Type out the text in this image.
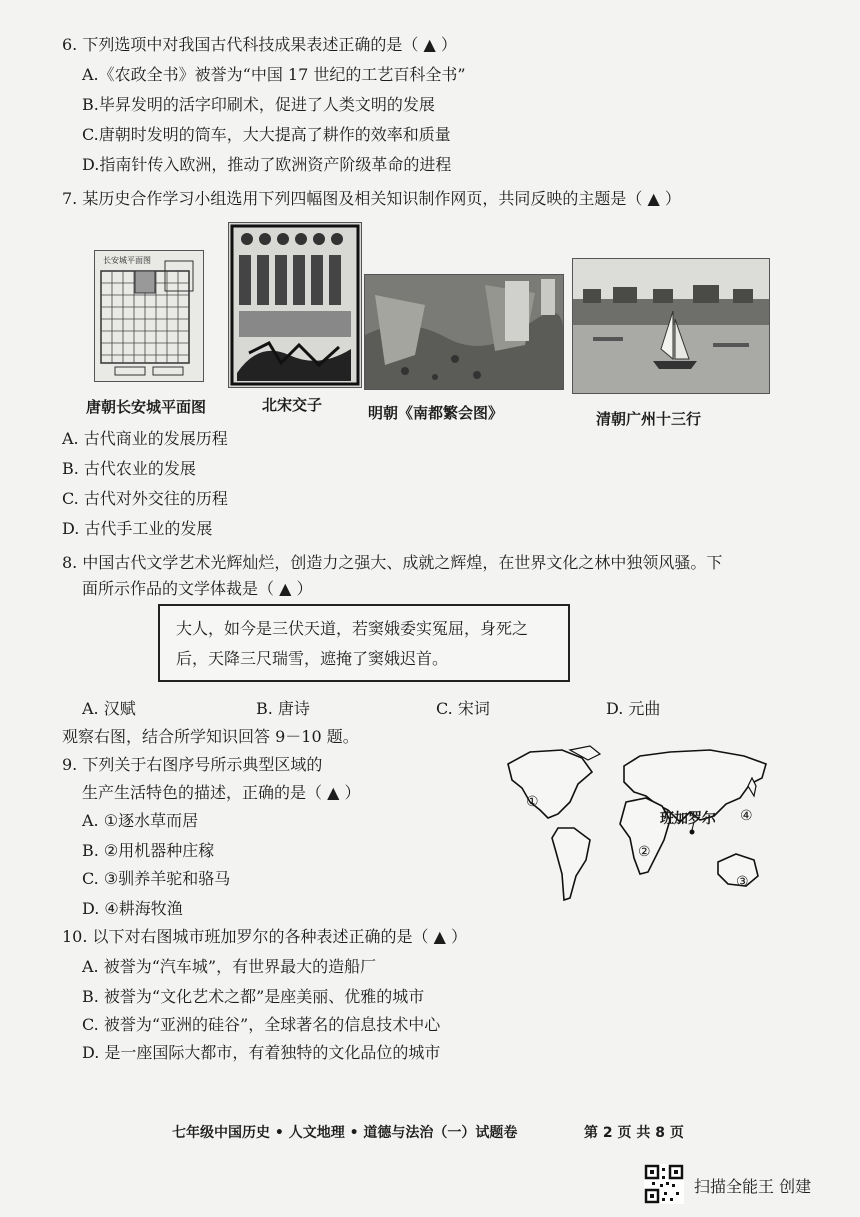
6. 下列选项中对我国古代科技成果表述正确的是（ ▲ ）
A.《农政全书》被誉为“中国 17 世纪的工艺百科全书”
B.毕昇发明的活字印刷术，促进了人类文明的发展
C.唐朝时发明的筒车，大大提高了耕作的效率和质量
D.指南针传入欧洲，推动了欧洲资产阶级革命的进程
7. 某历史合作学习小组选用下列四幅图及相关知识制作网页，共同反映的主题是（ ▲ ）
长安城平面图
唐朝长安城平面图	北宋交子	明朝《南都繁会图》	清朝广州十三行
A. 古代商业的发展历程
B. 古代农业的发展
C. 古代对外交往的历程
D. 古代手工业的发展
8. 中国古代文学艺术光辉灿烂，创造力之强大、成就之辉煌，在世界文化之林中独领风骚。下
面所示作品的文学体裁是（ ▲ ）
大人，如今是三伏天道，若窦娥委实冤屈，身死之
后，天降三尺瑞雪，遮掩了窦娥迟首。
A. 汉赋	B. 唐诗	C. 宋词	D. 元曲
观察右图，结合所学知识回答 9－10 题。
9. 下列关于右图序号所示典型区域的
生产生活特色的描述，正确的是（ ▲ ）
A. ①逐水草而居
B. ②用机器种庄稼
C. ③驯养羊驼和骆马
D. ④耕海牧渔
①
②
③
④
班加罗尔
10. 以下对右图城市班加罗尔的各种表述正确的是（ ▲ ）
A. 被誉为“汽车城”，有世界最大的造船厂
B. 被誉为“文化艺术之都”是座美丽、优雅的城市
C. 被誉为“亚洲的硅谷”，全球著名的信息技术中心
D. 是一座国际大都市，有着独特的文化品位的城市
七年级中国历史 • 人文地理 • 道德与法治（一）试题卷	第 2 页 共 8 页
扫描全能王 创建
